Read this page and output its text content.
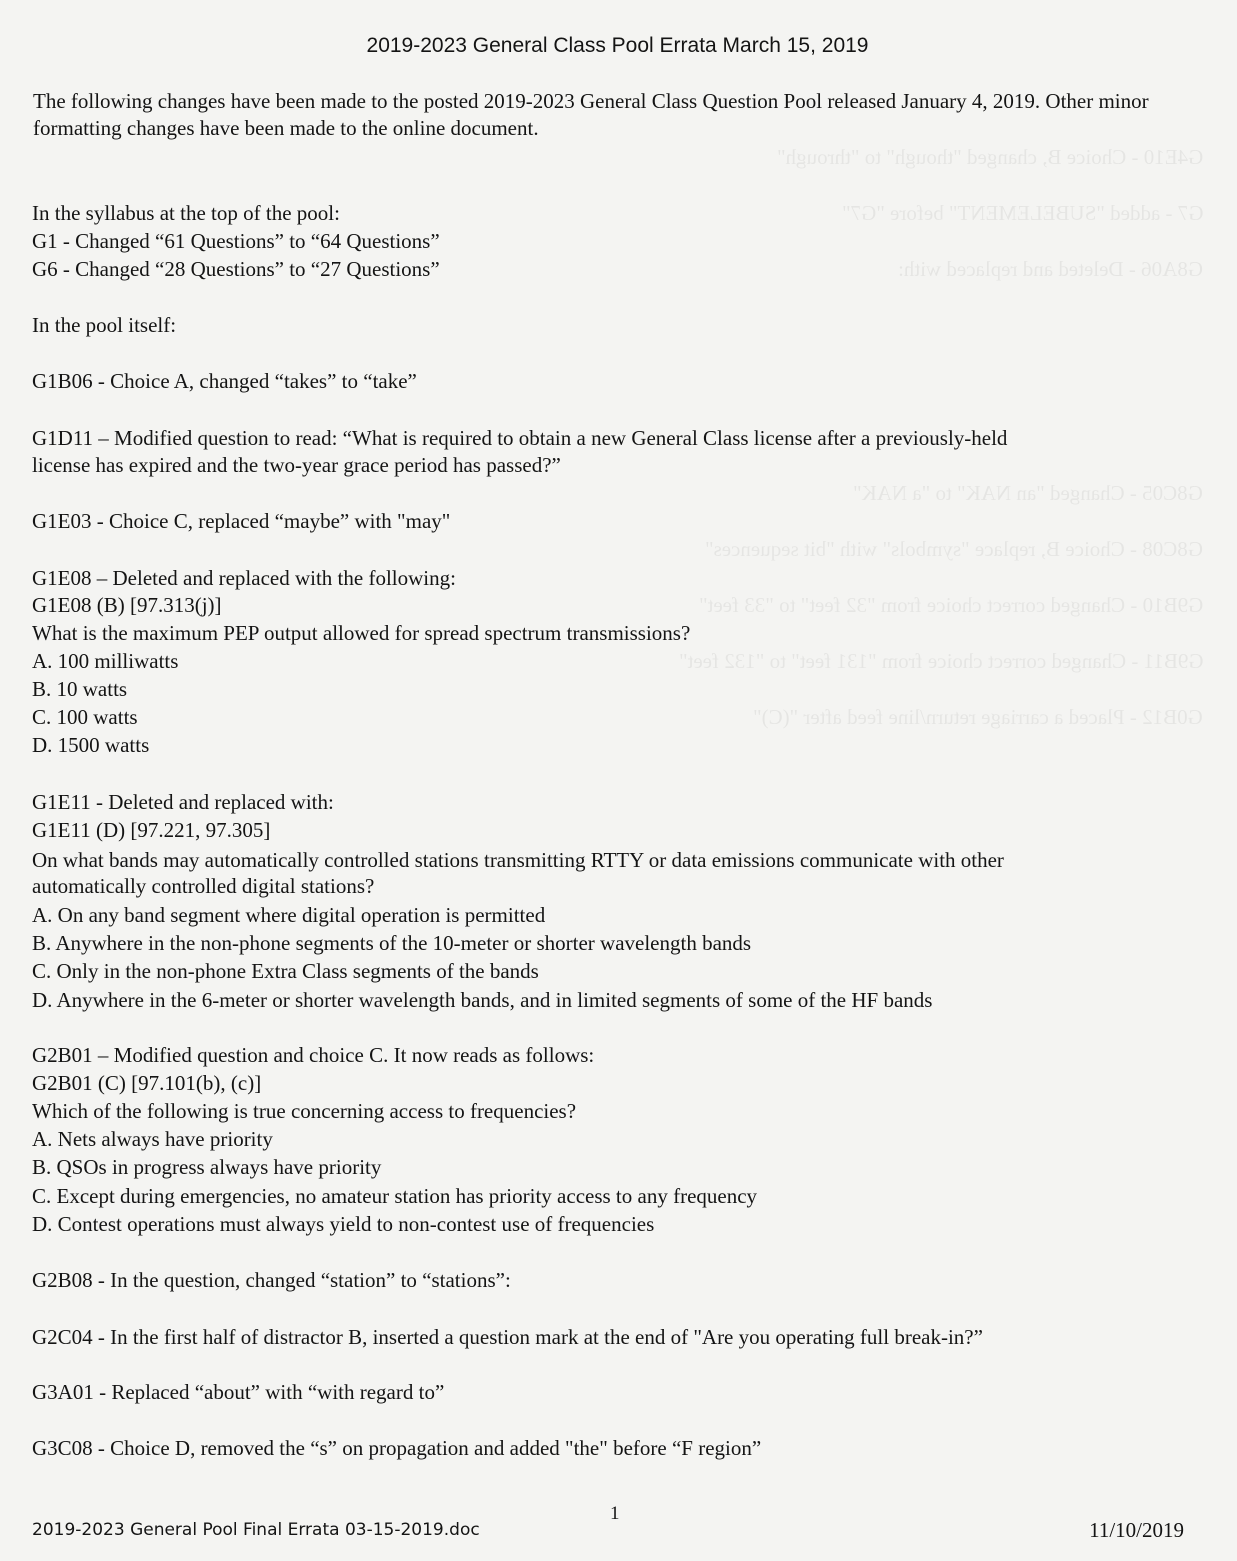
2019-2023 General Class Pool Errata March 15, 2019
The following changes have been made to the posted 2019-2023 General Class Question Pool released January 4, 2019. Other minor formatting changes have been made to the online document.
In the syllabus at the top of the pool:
G1 - Changed “61 Questions” to “64 Questions”
G6 - Changed “28 Questions” to “27 Questions”
In the pool itself:
G1B06 - Choice A, changed “takes” to “take”
G1D11 – Modified question to read: “What is required to obtain a new General Class license after a previously-held
license has expired and the two-year grace period has passed?”
G1E03 - Choice C, replaced “maybe” with "may"
G1E08 – Deleted and replaced with the following:
G1E08 (B) [97.313(j)]
What is the maximum PEP output allowed for spread spectrum transmissions?
A. 100 milliwatts
B. 10 watts
C. 100 watts
D. 1500 watts
G1E11 - Deleted and replaced with:
G1E11 (D) [97.221, 97.305]
On what bands may automatically controlled stations transmitting RTTY or data emissions communicate with other
automatically controlled digital stations?
A. On any band segment where digital operation is permitted
B. Anywhere in the non-phone segments of the 10-meter or shorter wavelength bands
C. Only in the non-phone Extra Class segments of the bands
D. Anywhere in the 6-meter or shorter wavelength bands, and in limited segments of some of the HF bands
G2B01 – Modified question and choice C. It now reads as follows:
G2B01 (C) [97.101(b), (c)]
Which of the following is true concerning access to frequencies?
A. Nets always have priority
B. QSOs in progress always have priority
C. Except during emergencies, no amateur station has priority access to any frequency
D. Contest operations must always yield to non-contest use of frequencies
G2B08 - In the question, changed “station” to “stations”:
G2C04 - In the first half of distractor B, inserted a question mark at the end of "Are you operating full break-in?”
G3A01 - Replaced “about” with “with regard to”
G3C08 - Choice D, removed the “s” on propagation and added "the" before “F region”
2019-2023 General Pool Final Errata 03-15-2019.doc
1
11/10/2019
G4E10 - Choice B, changed "though" to "through"
G7 - added "SUBELEMENT" before "G7"
G8A06 - Deleted and replaced with:
G8C05 - Changed "an NAK" to "a NAK"
G8C08 - Choice B, replace "symbols" with "bit sequences"
G9B10 - Changed correct choice from "32 feet" to "33 feet"
G9B11 - Changed correct choice from "131 feet" to "132 feet"
G0B12 - Placed a carriage return/line feed after "(C)"
